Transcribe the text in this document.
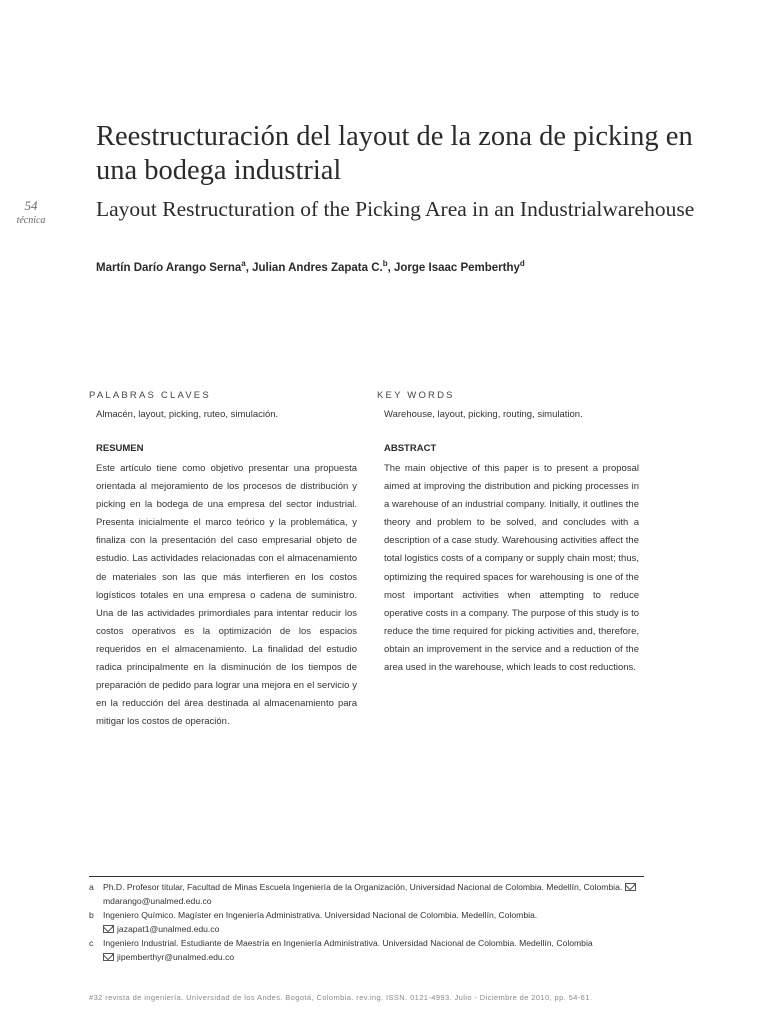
54
técnica
Reestructuración del layout de la zona de picking en una bodega industrial
Layout Restructuration of the Picking Area in an Industrialwarehouse
Martín Darío Arango Serna$^a$, Julian Andres Zapata C.$^b$, Jorge Isaac Pemberthy$^d$

PALABRAS CLAVES

Almacén, layout, picking, ruteo, simulación.

RESUMEN

Este artículo tiene como objetivo presentar una propuesta orientada al mejoramiento de los procesos de distribución y picking en la bodega de una empresa del sector industrial. Presenta inicialmente el marco teórico y la problemática, y finaliza con la presentación del caso empresarial objeto de estudio. Las actividades relacionadas con el almacenamiento de materiales son las que más interfieren en los costos logísticos totales en una empresa o cadena de suministro. Una de las actividades primordiales para intentar reducir los costos operativos es la optimización de los espacios requeridos en el almacenamiento. La finalidad del estudio radica principalmente en la disminución de los tiempos de preparación de pedido para lograr una mejora en el servicio y en la reducción del área destinada al almacenamiento para mitigar los costos de operación.

KEY WORDS

Warehouse, layout, picking, routing, simulation.

ABSTRACT

The main objective of this paper is to present a proposal aimed at improving the distribution and picking processes in a warehouse of an industrial company. Initially, it outlines the theory and problem to be solved, and concludes with a description of a case study. Warehousing activities affect the total logistics costs of a company or supply chain most; thus, optimizing the required spaces for warehousing is one of the most important activities when attempting to reduce operative costs in a company. The purpose of this study is to reduce the time required for picking activities and, therefore, obtain an improvement in the service and a reduction of the area used in the warehouse, which leads to cost reductions.

a Ph.D. Profesor titular, Facultad de Minas Escuela Ingeniería de la Organización, Universidad Nacional de Colombia. Medellín, Colombia. mdarango@unalmed.edu.co
b Ingeniero Químico. Magíster en Ingeniería Administrativa. Universidad Nacional de Colombia. Medellín, Colombia.
jazapat1@unalmed.edu.co
c Ingeniero Industrial. Estudiante de Maestría en Ingeniería Administrativa. Universidad Nacional de Colombia. Medellín, Colombia
jipemberthyr@unalmed.edu.co
#32 revista de ingeniería. Universidad de los Andes. Bogotá, Colombia. rev.ing. ISSN. 0121-4993. Julio - Diciembre de 2010, pp. 54-61.
